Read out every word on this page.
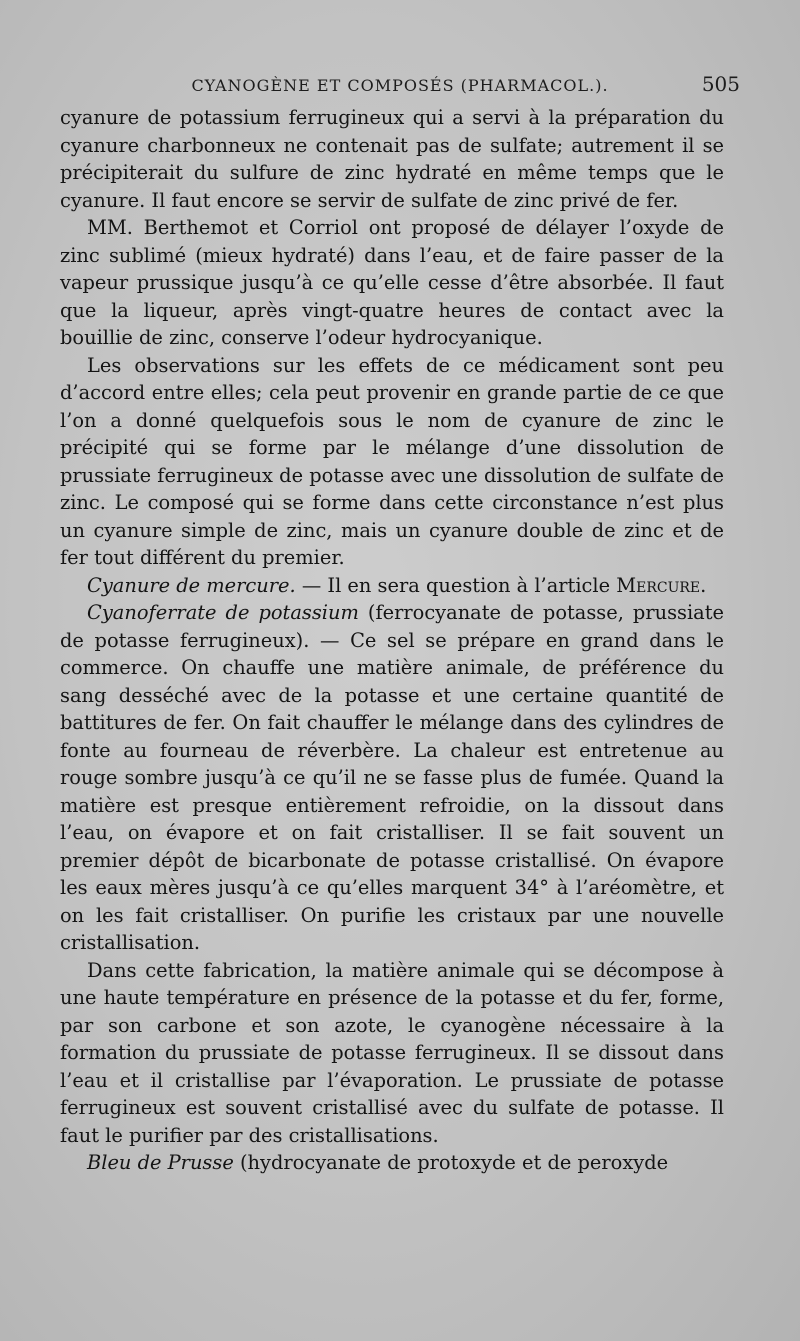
CYANOGÈNE ET COMPOSÉS (PHARMACOL.).	505

cyanure de potassium ferrugineux qui a servi à la préparation du cyanure charbonneux ne contenait pas de sulfate; autrement il se précipiterait du sulfure de zinc hydraté en même temps que le cyanure. Il faut encore se servir de sulfate de zinc privé de fer.

MM. Berthemot et Corriol ont proposé de délayer l’oxyde de zinc sublimé (mieux hydraté) dans l’eau, et de faire passer de la vapeur prussique jusqu’à ce qu’elle cesse d’être absorbée. Il faut que la liqueur, après vingt-quatre heures de contact avec la bouillie de zinc, conserve l’odeur hydrocyanique.

Les observations sur les effets de ce médicament sont peu d’accord entre elles; cela peut provenir en grande partie de ce que l’on a donné quelquefois sous le nom de cyanure de zinc le précipité qui se forme par le mélange d’une dissolution de prussiate ferrugineux de potasse avec une dissolution de sulfate de zinc. Le composé qui se forme dans cette circonstance n’est plus un cyanure simple de zinc, mais un cyanure double de zinc et de fer tout différent du premier.

Cyanure de mercure. — Il en sera question à l’article Mercure.

Cyanoferrate de potassium (ferrocyanate de potasse, prussiate de potasse ferrugineux). — Ce sel se prépare en grand dans le commerce. On chauffe une matière animale, de préférence du sang desséché avec de la potasse et une certaine quantité de battitures de fer. On fait chauffer le mélange dans des cylindres de fonte au fourneau de réverbère. La chaleur est entretenue au rouge sombre jusqu’à ce qu’il ne se fasse plus de fumée. Quand la matière est presque entièrement refroidie, on la dissout dans l’eau, on évapore et on fait cristalliser. Il se fait souvent un premier dépôt de bicarbonate de potasse cristallisé. On évapore les eaux mères jusqu’à ce qu’elles marquent 34° à l’aréomètre, et on les fait cristalliser. On purifie les cristaux par une nouvelle cristallisation.

Dans cette fabrication, la matière animale qui se décompose à une haute température en présence de la potasse et du fer, forme, par son carbone et son azote, le cyanogène nécessaire à la formation du prussiate de potasse ferrugineux. Il se dissout dans l’eau et il cristallise par l’évaporation. Le prussiate de potasse ferrugineux est souvent cristallisé avec du sulfate de potasse. Il faut le purifier par des cristallisations.

Bleu de Prusse (hydrocyanate de protoxyde et de peroxyde
